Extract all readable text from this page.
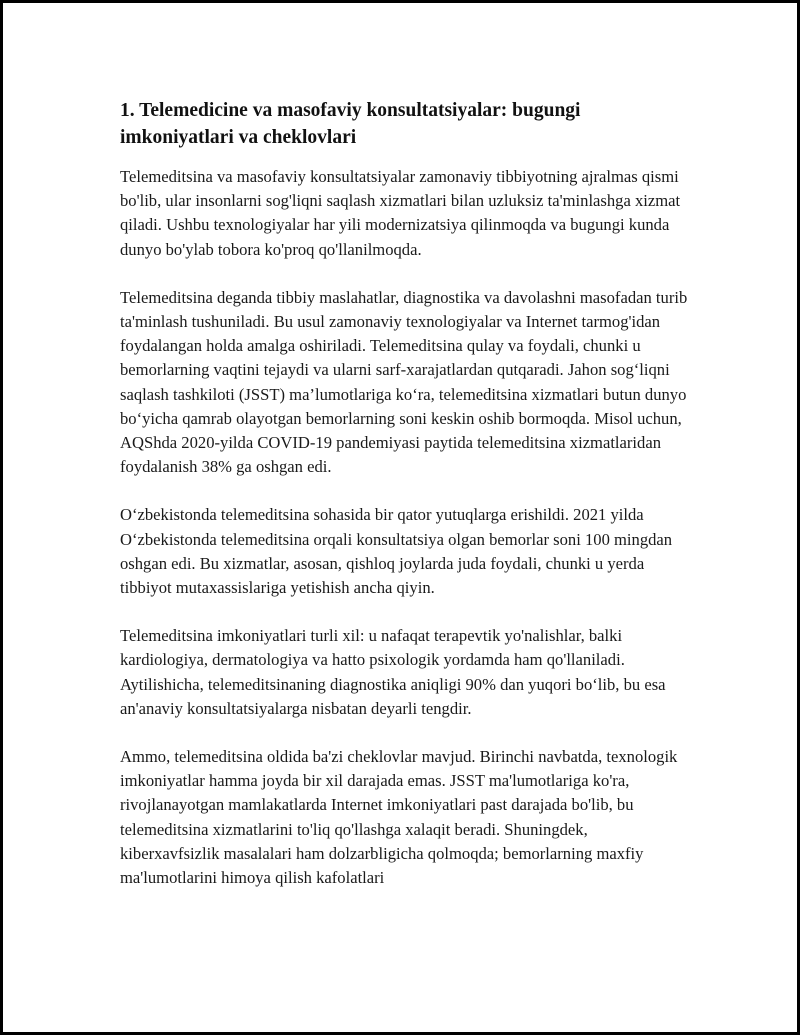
1. Telemedicine va masofaviy konsultatsiyalar: bugungi imkoniyatlari va cheklovlari

Telemeditsina va masofaviy konsultatsiyalar zamonaviy tibbiyotning ajralmas qismi bo'lib, ular insonlarni sog'liqni saqlash xizmatlari bilan uzluksiz ta'minlashga xizmat qiladi. Ushbu texnologiyalar har yili modernizatsiya qilinmoqda va bugungi kunda dunyo bo'ylab tobora ko'proq qo'llanilmoqda.

Telemeditsina deganda tibbiy maslahatlar, diagnostika va davolashni masofadan turib ta'minlash tushuniladi. Bu usul zamonaviy texnologiyalar va Internet tarmog'idan foydalangan holda amalga oshiriladi. Telemeditsina qulay va foydali, chunki u bemorlarning vaqtini tejaydi va ularni sarf-xarajatlardan qutqaradi. Jahon sog‘liqni saqlash tashkiloti (JSST) ma’lumotlariga ko‘ra, telemeditsina xizmatlari butun dunyo bo‘yicha qamrab olayotgan bemorlarning soni keskin oshib bormoqda. Misol uchun, AQShda 2020-yilda COVID-19 pandemiyasi paytida telemeditsina xizmatlaridan foydalanish 38% ga oshgan edi.

O‘zbekistonda telemeditsina sohasida bir qator yutuqlarga erishildi. 2021 yilda O‘zbekistonda telemeditsina orqali konsultatsiya olgan bemorlar soni 100 mingdan oshgan edi. Bu xizmatlar, asosan, qishloq joylarda juda foydali, chunki u yerda tibbiyot mutaxassislariga yetishish ancha qiyin.

Telemeditsina imkoniyatlari turli xil: u nafaqat terapevtik yo'nalishlar, balki kardiologiya, dermatologiya va hatto psixologik yordamda ham qo'llaniladi. Aytilishicha, telemeditsinaning diagnostika aniqligi 90% dan yuqori bo‘lib, bu esa an'anaviy konsultatsiyalarga nisbatan deyarli tengdir.

Ammo, telemeditsina oldida ba'zi cheklovlar mavjud. Birinchi navbatda, texnologik imkoniyatlar hamma joyda bir xil darajada emas. JSST ma'lumotlariga ko'ra, rivojlanayotgan mamlakatlarda Internet imkoniyatlari past darajada bo'lib, bu telemeditsina xizmatlarini to'liq qo'llashga xalaqit beradi. Shuningdek, kiberxavfsizlik masalalari ham dolzarbligicha qolmoqda; bemorlarning maxfiy ma'lumotlarini himoya qilish kafolatlari
